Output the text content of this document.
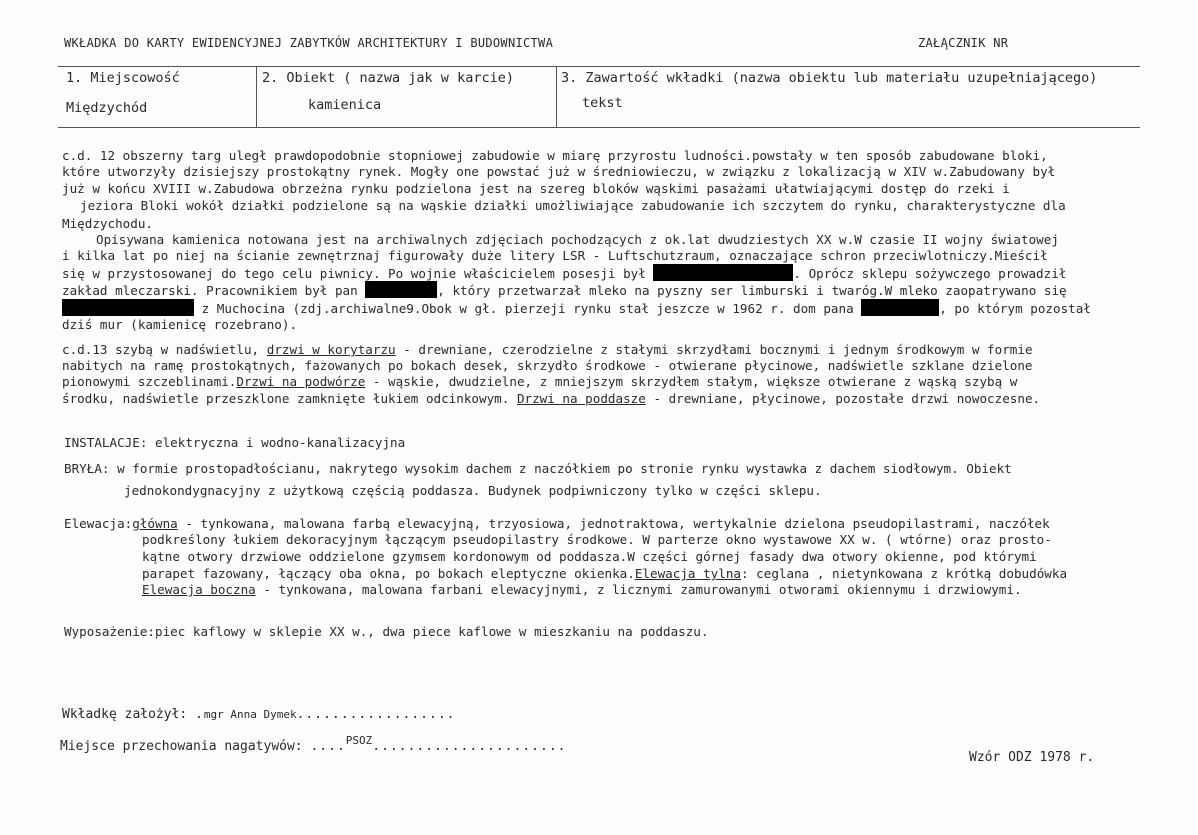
WKŁADKA DO KARTY EWIDENCYJNEJ ZABYTKÓW ARCHITEKTURY I BUDOWNICTWA	ZAŁĄCZNIK NR
1. Miejscowość
Międzychód
2. Obiekt ( nazwa jak w karcie)
kamienica
3. Zawartość wkładki (nazwa obiektu lub materiału uzupełniającego)
tekst
c.d. 12 obszerny targ uległ prawdopodobnie stopniowej zabudowie w miarę przyrostu ludności.powstały w ten sposób zabudowane bloki,
które utworzyły dzisiejszy prostokątny rynek. Mogły one powstać już w średniowieczu, w związku z lokalizacją w XIV w.Zabudowany był
już w końcu XVIII w.Zabudowa obrzeżna rynku podzielona jest na szereg bloków wąskimi pasażami ułatwiającymi dostęp do rzeki i
jeziora Bloki wokół działki podzielone są na wąskie działki umożliwiające zabudowanie ich szczytem do rynku, charakterystyczne dla
Międzychodu.
Opisywana kamienica notowana jest na archiwalnych zdjęciach pochodzących z ok.lat dwudziestych XX w.W czasie II wojny światowej
i kilka lat po niej na ścianie zewnętrznaj figurowały duże litery LSR - Luftschutzraum, oznaczające schron przeciwlotniczy.Mieścił
się w przystosowanej do tego celu piwnicy. Po wojnie właścicielem posesji był	. Oprócz sklepu sożywczego prowadził
zakład mleczarski. Pracownikiem był pan	, który przetwarzał mleko na pyszny ser limburski i twaróg.W mleko zaopatrywano się
z Muchocina (zdj.archiwalne9.Obok w gł. pierzeji rynku stał jeszcze w 1962 r. dom pana	, po którym pozostał
dziś mur (kamienicę rozebrano).
c.d.13 szybą w nadświetlu, drzwi w korytarzu - drewniane, czerodzielne z stałymi skrzydłami bocznymi i jednym środkowym w formie
nabitych na ramę prostokątnych, fazowanych po bokach desek, skrzydło środkowe - otwierane płycinowe, nadświetle szklane dzielone
pionowymi szczeblinami.Drzwi na podwórze - wąskie, dwudzielne, z mniejszym skrzydłem stałym, większe otwierane z wąską szybą w
środku, nadświetle przeszklone zamknięte łukiem odcinkowym. Drzwi na poddasze - drewniane, płycinowe, pozostałe drzwi nowoczesne.
INSTALACJE: elektryczna i wodno-kanalizacyjna
BRYŁA: w formie prostopadłościanu, nakrytego wysokim dachem z naczółkiem po stronie rynku wystawka z dachem siodłowym. Obiekt
jednokondygnacyjny z użytkową częścią poddasza. Budynek podpiwniczony tylko w części sklepu.
Elewacja:główna - tynkowana, malowana farbą elewacyjną, trzyosiowa, jednotraktowa, wertykalnie dzielona pseudopilastrami, naczółek
podkreślony łukiem dekoracyjnym łączącym pseudopilastry środkowe. W parterze okno wystawowe XX w. ( wtórne) oraz prosto-
kątne otwory drzwiowe oddzielone gzymsem kordonowym od poddasza.W części górnej fasady dwa otwory okienne, pod którymi
parapet fazowany, łączący oba okna, po bokach eleptyczne okienka.Elewacja tylna: ceglana , nietynkowana z krótką dobudówka
Elewacja boczna - tynkowana, malowana farbani elewacyjnymi, z licznymi zamurowanymi otworami okiennymu i drzwiowymi.
Wyposażenie:piec kaflowy w sklepie XX w., dwa piece kaflowe w mieszkaniu na poddaszu.
Wkładkę założył: .mgr Anna Dymek..................
Miejsce przechowania nagatywów: ....$^{PSOZ}$......................
Wzór ODZ 1978 r.
